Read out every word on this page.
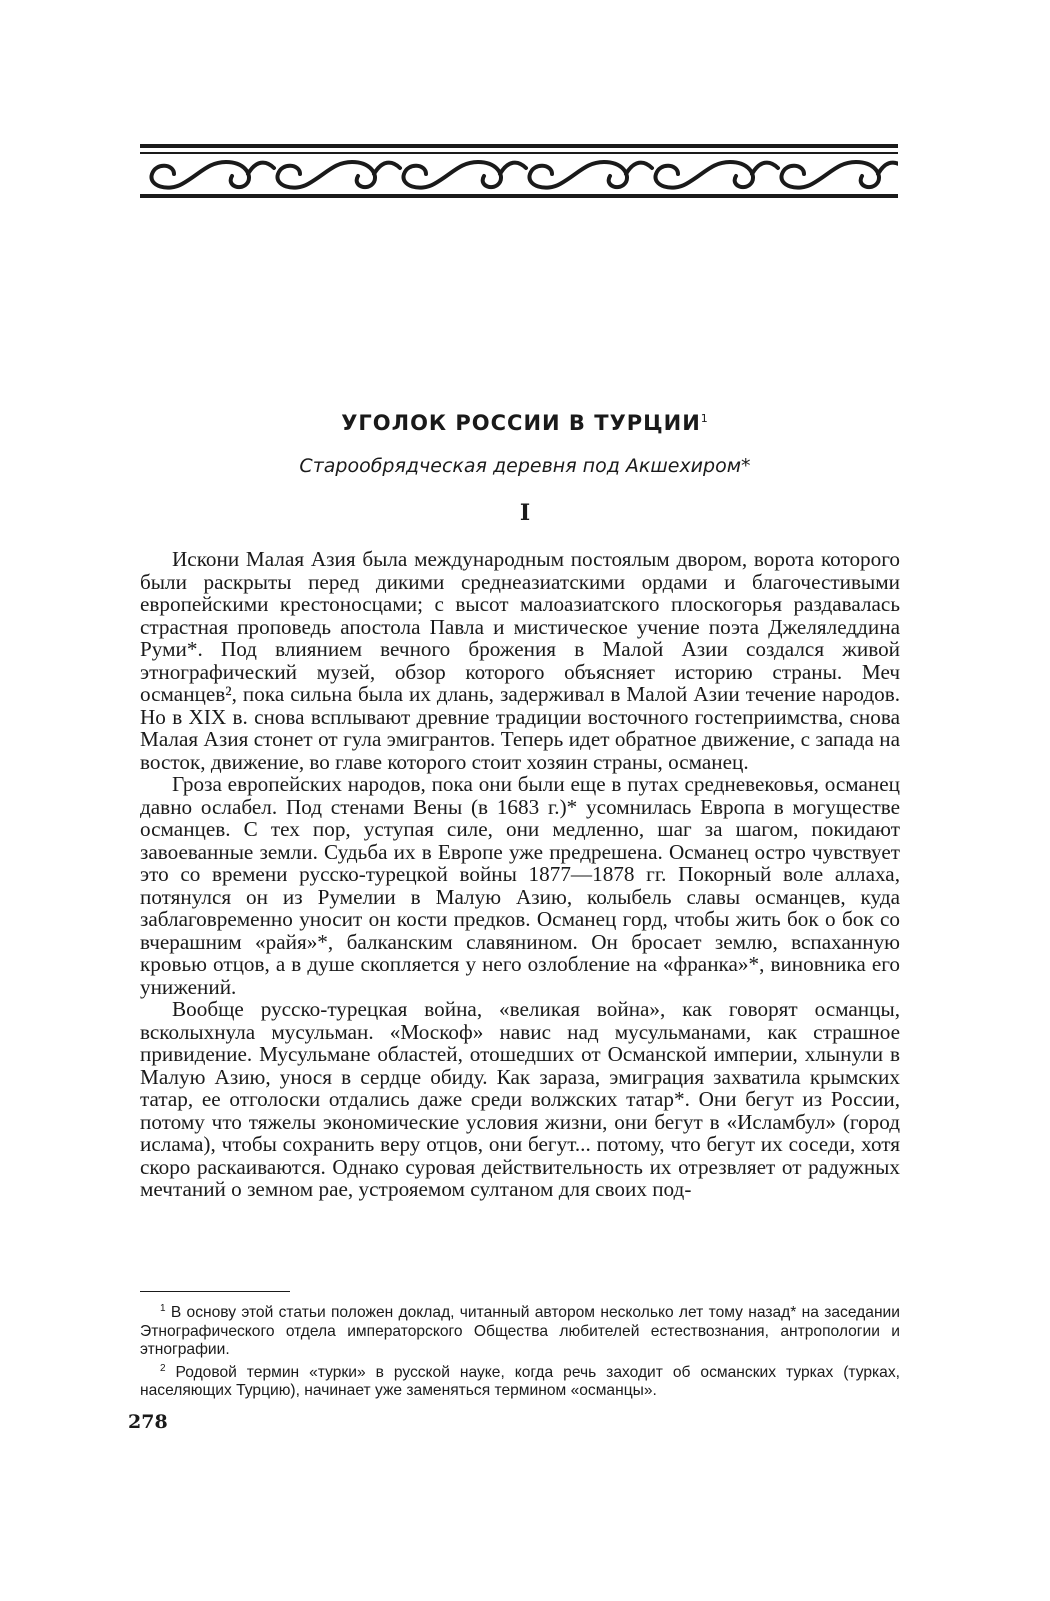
УГОЛОК РОССИИ В ТУРЦИИ$^1$
Старообрядческая деревня под Акшехиром*
I

Искони Малая Азия была международным постоялым двором, ворота которого были раскрыты перед дикими среднеазиатскими ордами и благочестивыми европейскими крестоносцами; с высот малоазиатского плоскогорья раздавалась страстная проповедь апостола Павла и мистическое учение поэта Джеляледдина Руми*. Под влиянием вечного брожения в Малой Азии создался живой этнографический музей, обзор которого объясняет историю страны. Меч османцев², пока сильна была их длань, задерживал в Малой Азии течение народов. Но в XIX в. снова всплывают древние традиции восточного гостеприимства, снова Малая Азия стонет от гула эмигрантов. Теперь идет обратное движение, с запада на восток, движение, во главе которого стоит хозяин страны, османец.

Гроза европейских народов, пока они были еще в путах средневековья, османец давно ослабел. Под стенами Вены (в 1683 г.)* усомнилась Европа в могуществе османцев. С тех пор, уступая силе, они медленно, шаг за шагом, покидают завоеванные земли. Судьба их в Европе уже предрешена. Османец остро чувствует это со времени русско-турецкой войны 1877—1878 гг. Покорный воле аллаха, потянулся он из Румелии в Малую Азию, колыбель славы османцев, куда заблаговременно уносит он кости предков. Османец горд, чтобы жить бок о бок со вчерашним «райя»*, балканским славянином. Он бросает землю, вспаханную кровью отцов, а в душе скопляется у него озлобление на «франка»*, виновника его унижений.

Вообще русско-турецкая война, «великая война», как говорят османцы, всколыхнула мусульман. «Москоф» навис над мусульманами, как страшное привидение. Мусульмане областей, отошедших от Османской империи, хлынули в Малую Азию, унося в сердце обиду. Как зараза, эмиграция захватила крымских татар, ее отголоски отдались даже среди волжских татар*. Они бегут из России, потому что тяжелы экономические условия жизни, они бегут в «Исламбул» (город ислама), чтобы сохранить веру отцов, они бегут... потому, что бегут их соседи, хотя скоро раскаиваются. Однако суровая действительность их отрезвляет от радужных мечтаний о земном рае, устрояемом султаном для своих под-

$^1$ В основу этой статьи положен доклад, читанный автором несколько лет тому назад* на заседании Этнографического отдела императорского Общества любителей естествознания, антропологии и этнографии.

$^2$ Родовой термин «турки» в русской науке, когда речь заходит об османских турках (турках, населяющих Турцию), начинает уже заменяться термином «османцы».

278
